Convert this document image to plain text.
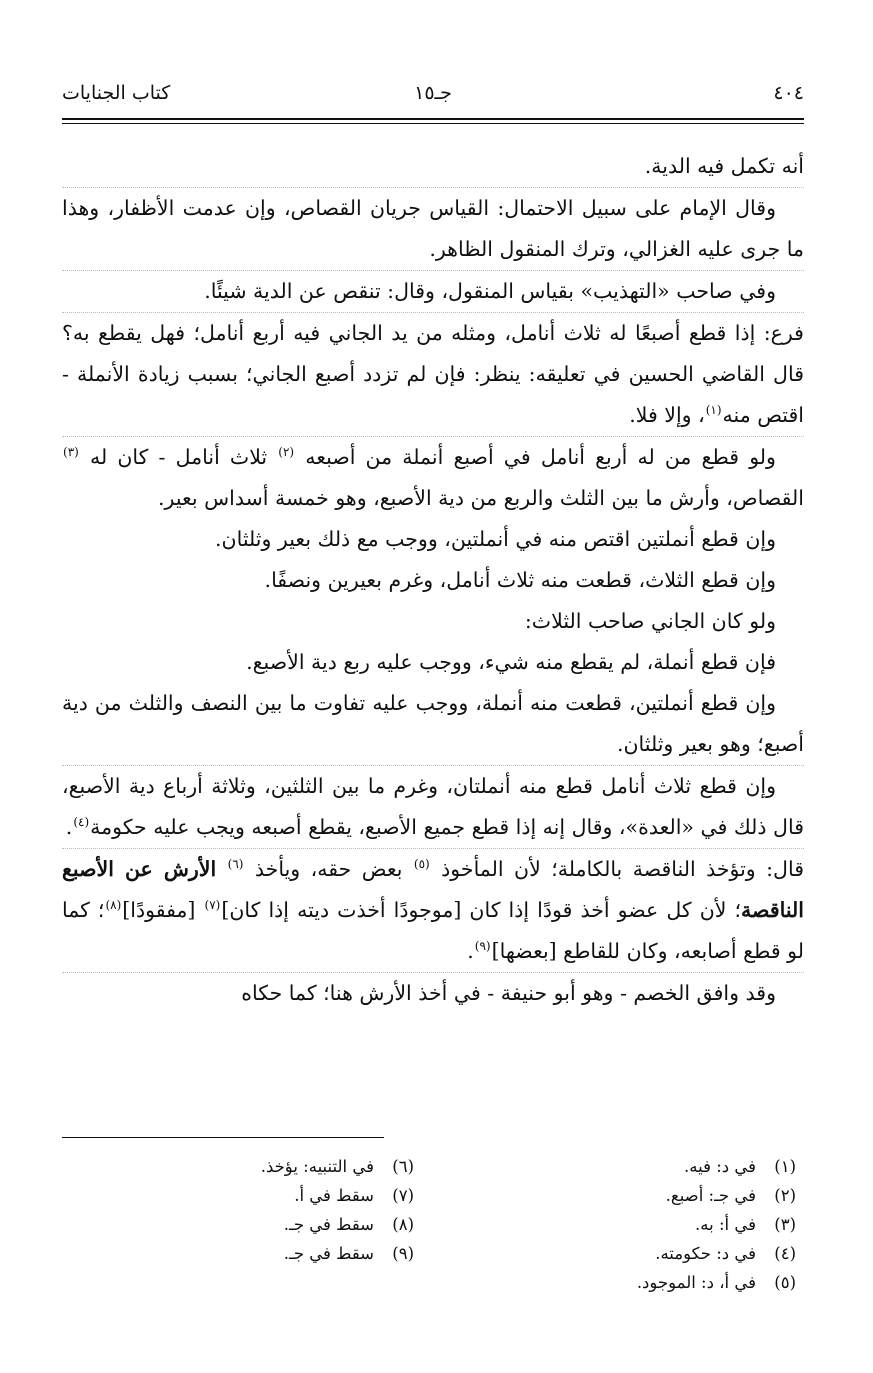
٤٠٤
جـ١٥
كتاب الجنايات

أنه تكمل فيه الدية.

وقال الإمام على سبيل الاحتمال: القياس جريان القصاص، وإن عدمت الأظفار، وهذا ما جرى عليه الغزالي، وترك المنقول الظاهر.

وفي صاحب «التهذيب» بقياس المنقول، وقال: تنقص عن الدية شيئًا.

فرع: إذا قطع أصبعًا له ثلاث أنامل، ومثله من يد الجاني فيه أربع أنامل؛ فهل يقطع به؟ قال القاضي الحسين في تعليقه: ينظر: فإن لم تزدد أصبع الجاني؛ بسبب زيادة الأنملة - اقتص منه$^{(١)}$، وإلا فلا.

ولو قطع من له أربع أنامل في أصبع أنملة من أصبعه $^{(٢)}$ ثلاث أنامل - كان له $^{(٣)}$ القصاص، وأرش ما بين الثلث والربع من دية الأصبع، وهو خمسة أسداس بعير.

وإن قطع أنملتين اقتص منه في أنملتين، ووجب مع ذلك بعير وثلثان.

وإن قطع الثلاث، قطعت منه ثلاث أنامل، وغرم بعيرين ونصفًا.

ولو كان الجاني صاحب الثلاث:

فإن قطع أنملة، لم يقطع منه شيء، ووجب عليه ربع دية الأصبع.

وإن قطع أنملتين، قطعت منه أنملة، ووجب عليه تفاوت ما بين النصف والثلث من دية أصبع؛ وهو بعير وثلثان.

وإن قطع ثلاث أنامل قطع منه أنملتان، وغرم ما بين الثلثين، وثلاثة أرباع دية الأصبع، قال ذلك في «العدة»، وقال إنه إذا قطع جميع الأصبع، يقطع أصبعه ويجب عليه حكومة$^{(٤)}$.

قال: وتؤخذ الناقصة بالكاملة؛ لأن المأخوذ $^{(٥)}$ بعض حقه، ويأخذ $^{(٦)}$ الأرش عن الأصبع الناقصة؛ لأن كل عضو أخذ قودًا إذا كان [موجودًا أخذت ديته إذا كان]$^{(٧)}$ [مفقودًا]$^{(٨)}$؛ كما لو قطع أصابعه، وكان للقاطع [بعضها]$^{(٩)}$.

وقد وافق الخصم - وهو أبو حنيفة - في أخذ الأرش هنا؛ كما حكاه

(١)في د: فيه.
(٢)في جـ: أصبع.
(٣)في أ: به.
(٤)في د: حكومته.
(٥)في أ، د: الموجود.
(٦)في التنبيه: يؤخذ.
(٧)سقط في أ.
(٨)سقط في جـ.
(٩)سقط في جـ.
